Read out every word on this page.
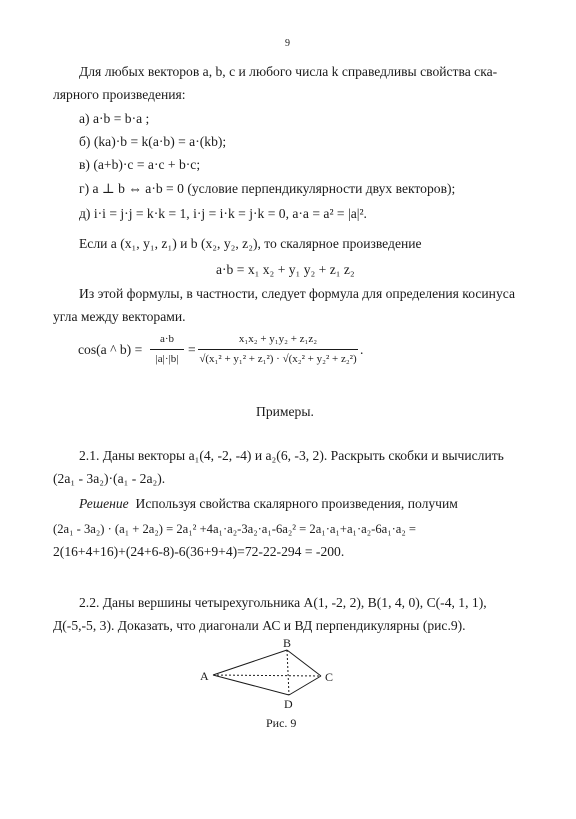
9
Для любых векторов a, b, c и любого числа k справедливы свойства ска-
лярного произведения:
а) a·b = b·a ;
б) (ka)·b = k(a·b) = a·(kb);
в) (a+b)·c = a·c + b·c;
г) a ⊥ b ⇔ a·b = 0 (условие перпендикулярности двух векторов);
д) i·i = j·j = k·k = 1, i·j = i·k = j·k = 0, a·a = a² = |a|².
Если a (x₁, y₁, z₁) и b (x₂, y₂, z₂), то скалярное произведение
a·b = x₁ x₂ + y₁ y₂ + z₁ z₂
Из этой формулы, в частности, следует формула для определения косинуса
угла между векторами.
cos(a ^ b) =
a·b
|a|·|b|
=
x₁x₂ + y₁y₂ + z₁z₂
√(x₁² + y₁² + z₁²) · √(x₂² + y₂² + z₂²)
.
Примеры.
2.1. Даны векторы a₁(4, -2, -4) и a₂(6, -3, 2). Раскрыть скобки и вычислить
(2a₁ - 3a₂)·(a₁ - 2a₂).
Решение Используя свойства скалярного произведения, получим
(2a₁ - 3a₂) · (a₁ + 2a₂) = 2a₁² +4a₁·a₂-3a₂·a₁-6a₂² = 2a₁·a₁+a₁·a₂-6a₁·a₂ =
2(16+4+16)+(24+6-8)-6(36+9+4)=72-22-294 = -200.
2.2. Даны вершины четырехугольника А(1, -2, 2), В(1, 4, 0), С(-4, 1, 1),
Д(-5,-5, 3). Доказать, что диагонали АС и ВД перпендикулярны (рис.9).
A
B
C
D
Рис. 9
